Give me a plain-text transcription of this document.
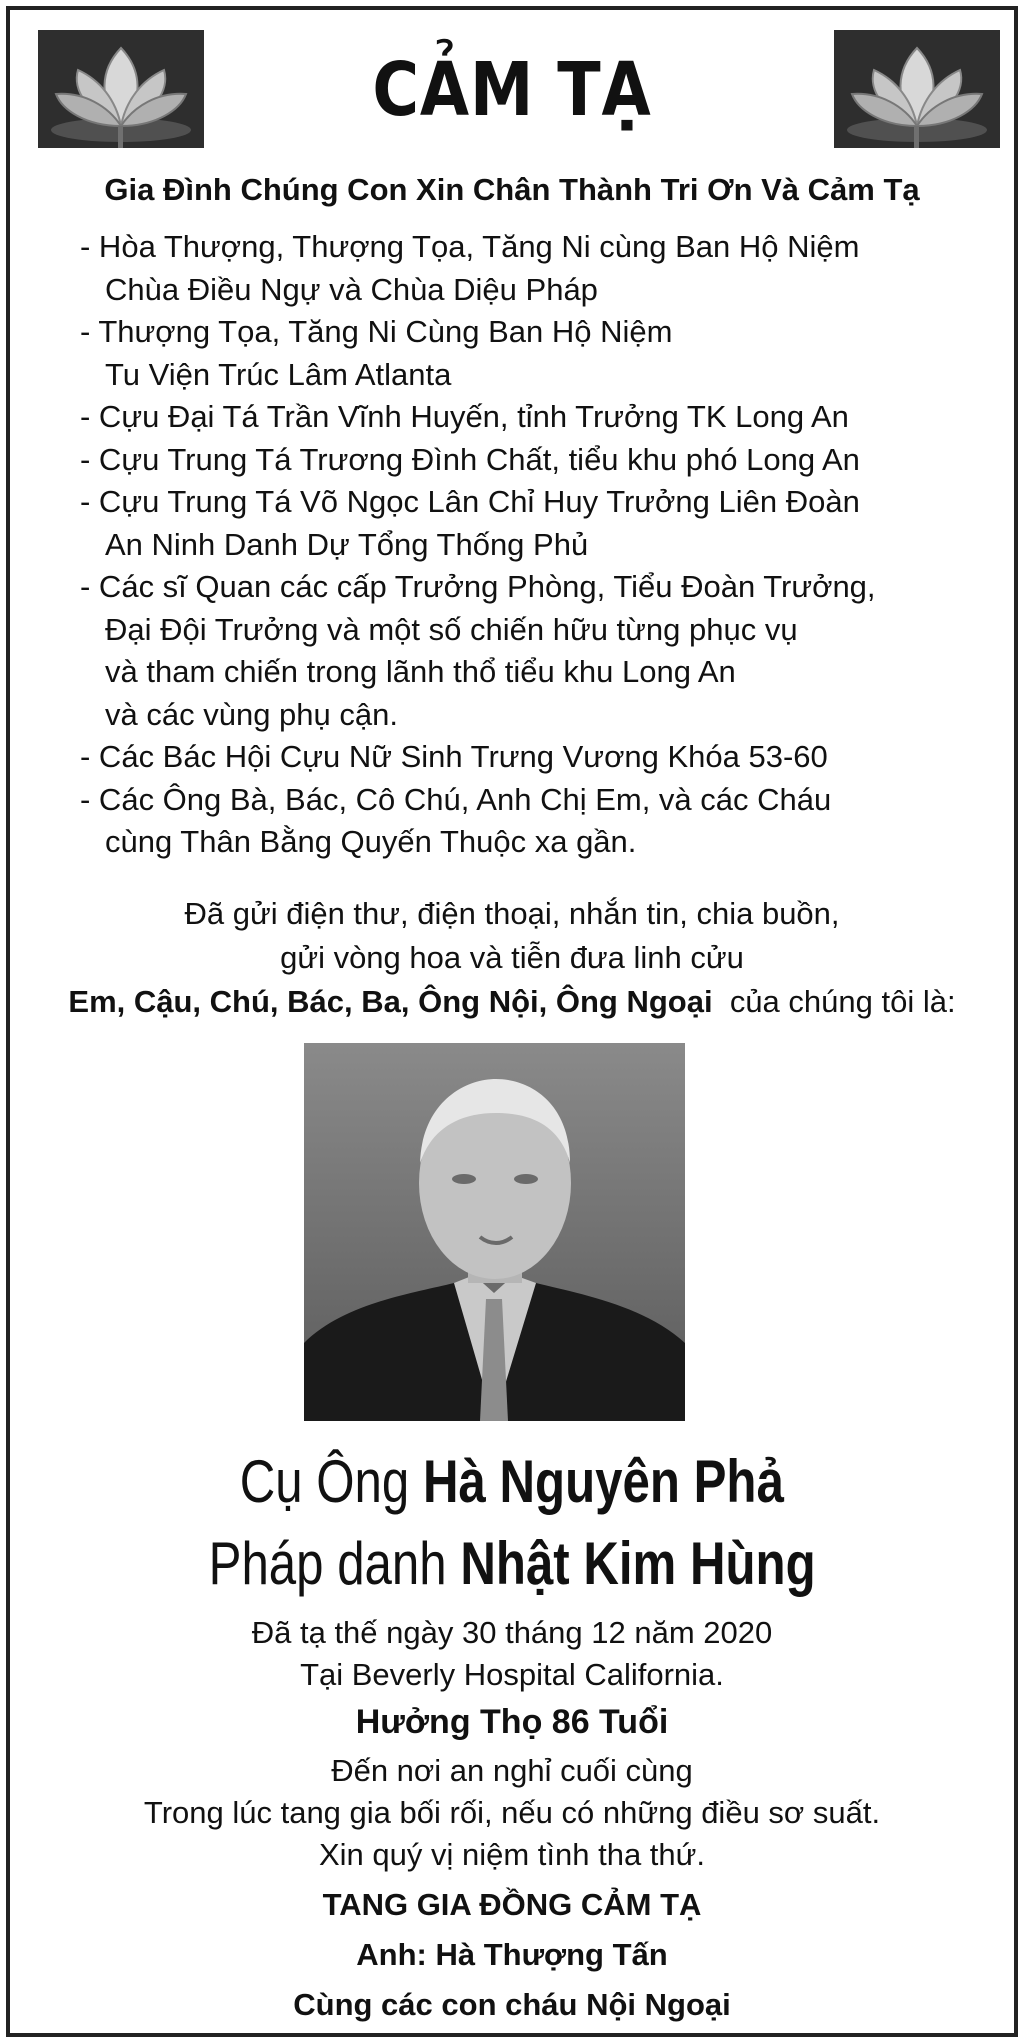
CẢM TẠ
Gia Đình Chúng Con Xin Chân Thành Tri Ơn Và Cảm Tạ
- Hòa Thượng, Thượng Tọa, Tăng Ni cùng Ban Hộ Niệm
Chùa Điều Ngự và Chùa Diệu Pháp
- Thượng Tọa, Tăng Ni Cùng Ban Hộ Niệm
Tu Viện Trúc Lâm Atlanta
- Cựu Đại Tá Trần Vĩnh Huyến, tỉnh Trưởng TK Long An
- Cựu Trung Tá Trương Đình Chất, tiểu khu phó Long An
- Cựu Trung Tá Võ Ngọc Lân Chỉ Huy Trưởng Liên Đoàn
An Ninh Danh Dự Tổng Thống Phủ
- Các sĩ Quan các cấp Trưởng Phòng, Tiểu Đoàn Trưởng,
Đại Đội Trưởng và một số chiến hữu từng phục vụ
và tham chiến trong lãnh thổ tiểu khu Long An
và các vùng phụ cận.
- Các Bác Hội Cựu Nữ Sinh Trưng Vương Khóa 53-60
- Các Ông Bà, Bác, Cô Chú, Anh Chị Em, và các Cháu
cùng Thân Bằng Quyến Thuộc xa gần.
Đã gửi điện thư, điện thoại, nhắn tin, chia buồn,
gửi vòng hoa và tiễn đưa linh cửu
Em, Cậu, Chú, Bác, Ba, Ông Nội, Ông Ngoại của chúng tôi là:
Cụ Ông Hà Nguyên Phả
Pháp danh Nhật Kim Hùng
Đã tạ thế ngày 30 tháng 12 năm 2020
Tại Beverly Hospital California.
Hưởng Thọ 86 Tuổi
Đến nơi an nghỉ cuối cùng
Trong lúc tang gia bối rối, nếu có những điều sơ suất.
Xin quý vị niệm tình tha thứ.
TANG GIA ĐỒNG CẢM TẠ
Anh: Hà Thượng Tấn
Cùng các con cháu Nội Ngoại
